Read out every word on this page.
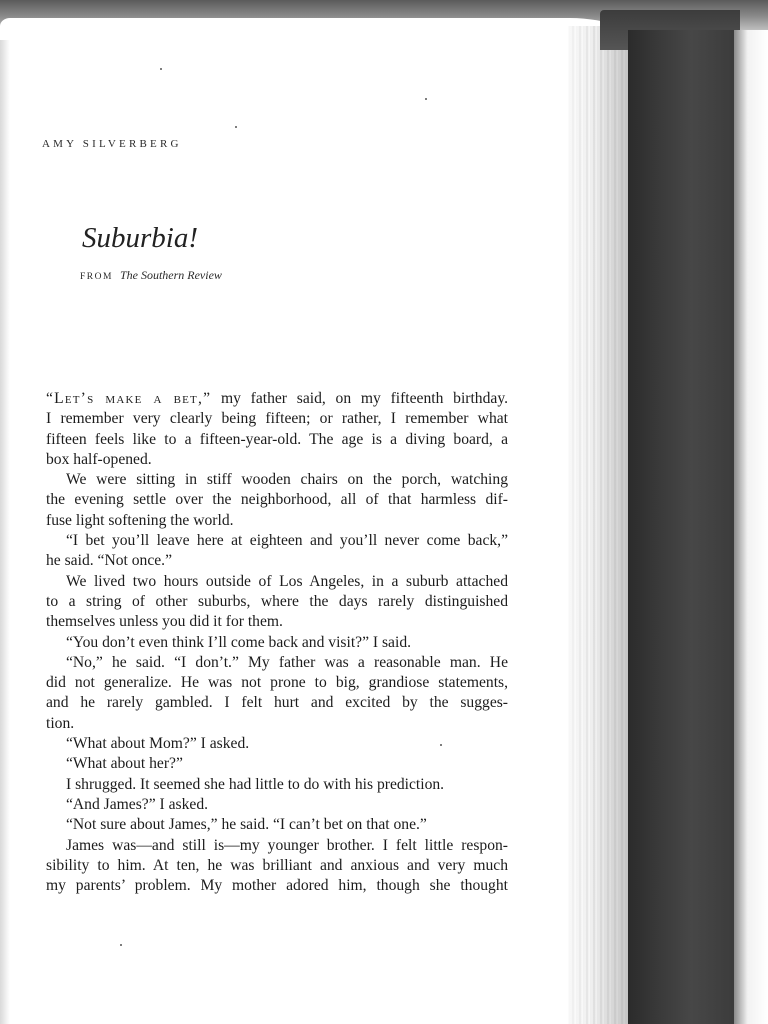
AMY SILVERBERG
Suburbia!
FROM The Southern Review
“Let’s make a bet,” my father said, on my fifteenth birthday.
I remember very clearly being fifteen; or rather, I remember what
fifteen feels like to a fifteen-year-old. The age is a diving board, a
box half-opened.
We were sitting in stiff wooden chairs on the porch, watching
the evening settle over the neighborhood, all of that harmless dif-
fuse light softening the world.
“I bet you’ll leave here at eighteen and you’ll never come back,”
he said. “Not once.”
We lived two hours outside of Los Angeles, in a suburb attached
to a string of other suburbs, where the days rarely distinguished
themselves unless you did it for them.
“You don’t even think I’ll come back and visit?” I said.
“No,” he said. “I don’t.” My father was a reasonable man. He
did not generalize. He was not prone to big, grandiose statements,
and he rarely gambled. I felt hurt and excited by the sugges-
tion.
“What about Mom?” I asked.
“What about her?”
I shrugged. It seemed she had little to do with his prediction.
“And James?” I asked.
“Not sure about James,” he said. “I can’t bet on that one.”
James was—and still is—my younger brother. I felt little respon-
sibility to him. At ten, he was brilliant and anxious and very much
my parents’ problem. My mother adored him, though she thought
